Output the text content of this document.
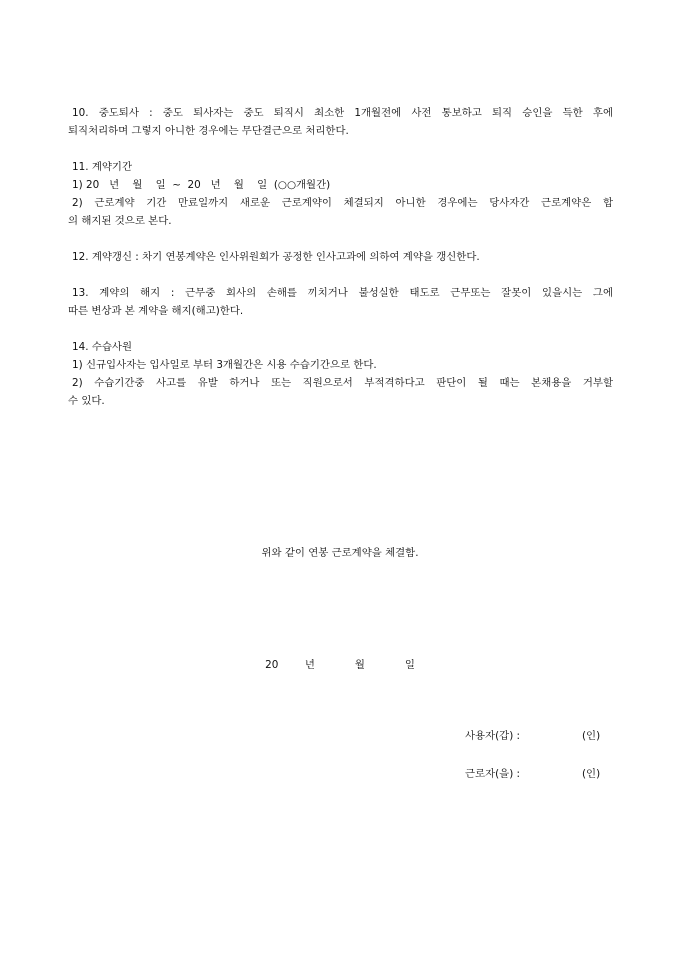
10. 중도퇴사 : 중도 퇴사자는 중도 퇴직시 최소한 1개월전에 사전 통보하고 퇴직 승인을 득한 후에
퇴직처리하며 그렇지 아니한 경우에는 무단결근으로 처리한다.
11. 계약기간
1) 20   년    월    일  ~  20   년    월    일  (○○개월간)
2) 근로계약 기간 만료일까지 새로운 근로계약이 체결되지 아니한 경우에는 당사자간 근로계약은 합
의 해지된 것으로 본다.
12. 계약갱신 : 차기 연봉계약은 인사위원회가 공정한 인사고과에 의하여 계약을 갱신한다.
13. 계약의 해지 : 근무중 회사의 손해를 끼치거나 불성실한 태도로 근무또는 잘못이 있을시는 그에
따른 변상과 본 계약을 해지(해고)한다.
14. 수습사원
1) 신규입사자는 입사일로 부터 3개월간은 시용 수습기간으로 한다.
2) 수습기간중 사고를 유발 하거나 또는 직원으로서 부적격하다고 판단이 될 때는 본채용을 거부할
수 있다.
위와 같이 연봉 근로계약을 체결함.
20  년   월   일
사용자(갑) :	(인)
근로자(을) :	(인)
